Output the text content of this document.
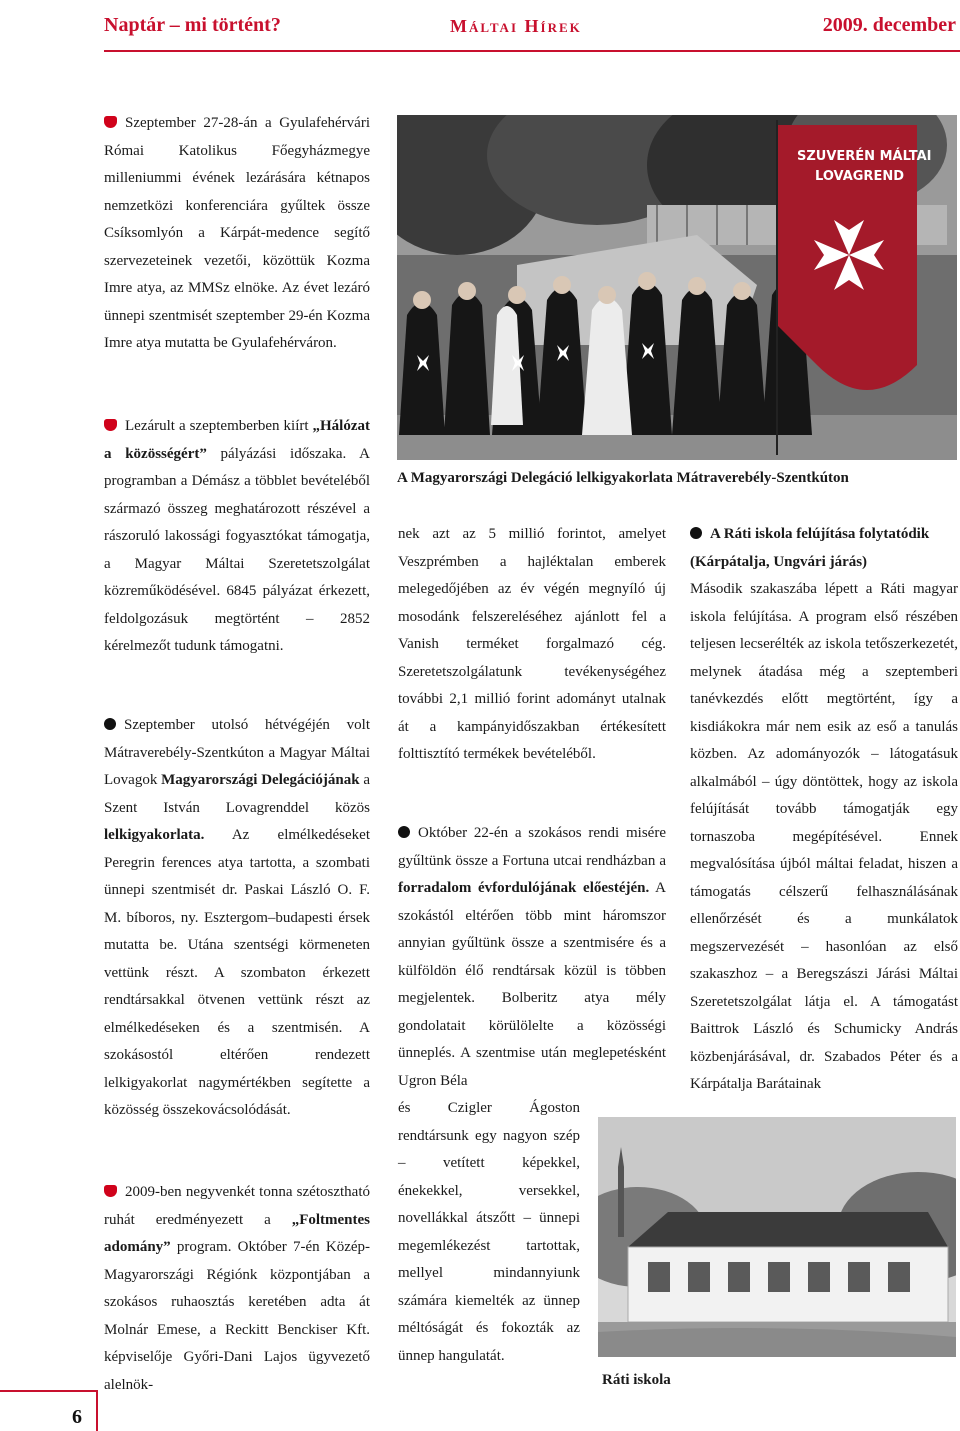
Naptár – mi történt?	Máltai Hírek	2009. december

Szeptember 27-28-án a Gyulafehérvári Római Katolikus Főegyházmegye milleniummi évének lezárására kétnapos nemzetközi konferenciára gyűltek össze Csíksomlyón a Kárpát-medence segítő szervezeteinek vezetői, közöttük Kozma Imre atya, az MMSz elnöke. Az évet lezáró ünnepi szentmisét szeptember 29-én Kozma Imre atya mutatta be Gyulafehérváron.

Lezárult a szeptemberben kiírt „Hálózat a közösségért” pályázási időszaka. A programban a Démász a többlet bevételéből származó összeg meghatározott részével a rászoruló lakossági fogyasztókat támogatja, a Magyar Máltai Szeretetszolgálat közreműködésével. 6845 pályázat érkezett, feldolgozásuk megtörtént – 2852 kérelmezőt tudunk támogatni.

Szeptember utolsó hétvégéjén volt Mátraverebély-Szentkúton a Magyar Máltai Lovagok Magyarországi Delegációjának a Szent István Lovagrenddel közös lelkigyakorlata. Az elmélkedéseket Peregrin ferences atya tartotta, a szombati ünnepi szentmisét dr. Paskai László O. F. M. bíboros, ny. Esztergom–budapesti érsek mutatta be. Utána szentségi körmeneten vettünk részt. A szombaton érkezett rendtársakkal ötvenen vettünk részt az elmélkedéseken és a szentmisén. A szokásostól eltérően rendezett lelkigyakorlat nagymértékben segítette a közösség összekovácsolódását.

2009-ben negyvenkét tonna szétosztható ruhát eredményezett a „Foltmentes adomány” program. Október 7-én Közép-Magyarországi Régiónk központjában a szokásos ruhaosztás keretében adta át Molnár Emese, a Reckitt Benckiser Kft. képviselője Győri-Dani Lajos ügyvezető alelnök-

SZUVERÉN MÁLTAI
LOVAGREND
A Magyarországi Delegáció lelkigyakorlata Mátraverebély-Szentkúton

nek azt az 5 millió forintot, amelyet Veszprémben a hajléktalan emberek melegedőjében az év végén megnyíló új mosodánk felszereléséhez ajánlott fel a Vanish terméket forgalmazó cég. Szeretetszolgálatunk tevékenységéhez további 2,1 millió forint adományt utalnak át a kampányidőszakban értékesített folttisztító termékek bevételéből.

Október 22-én a szokásos rendi misére gyűltünk össze a Fortuna utcai rendházban a forradalom évfordulójának előestéjén. A szokástól eltérően több mint háromszor annyian gyűltünk össze a szentmisére és a külföldön élő rendtársak közül is többen megjelentek. Bolberitz atya mély gondolatait körülölelte a közösségi ünneplés. A szentmise után meglepetésként Ugron Béla

és Czigler Ágoston rendtársunk egy nagyon szép – vetített képekkel, énekekkel, versekkel, novellákkal átszőtt – ünnepi megemlékezést tartottak, mellyel mindannyiunk számára kiemelték az ünnep méltóságát és fokozták az ünnep hangulatát.

A Ráti iskola felújítása folytatódik

(Kárpátalja, Ungvári járás)

Második szakaszába lépett a Ráti magyar iskola felújítása. A program első részében teljesen lecserélték az iskola tetőszerkezetét, melynek átadása még a szeptemberi tanévkezdés előtt megtörtént, így a kisdiákokra már nem esik az eső a tanulás közben. Az adományozók – látogatásuk alkalmából – úgy döntöttek, hogy az iskola felújítását tovább támogatják egy tornaszoba megépítésével. Ennek megvalósítása újból máltai feladat, hiszen a támogatás célszerű felhasználásának ellenőrzését és a munkálatok megszervezését – hasonlóan az első szakaszhoz – a Beregszászi Járási Máltai Szeretetszolgálat látja el. A támogatást Baittrok László és Schumicky András közbenjárásával, dr. Szabados Péter és a Kárpátalja Barátainak

Ráti iskola
6
